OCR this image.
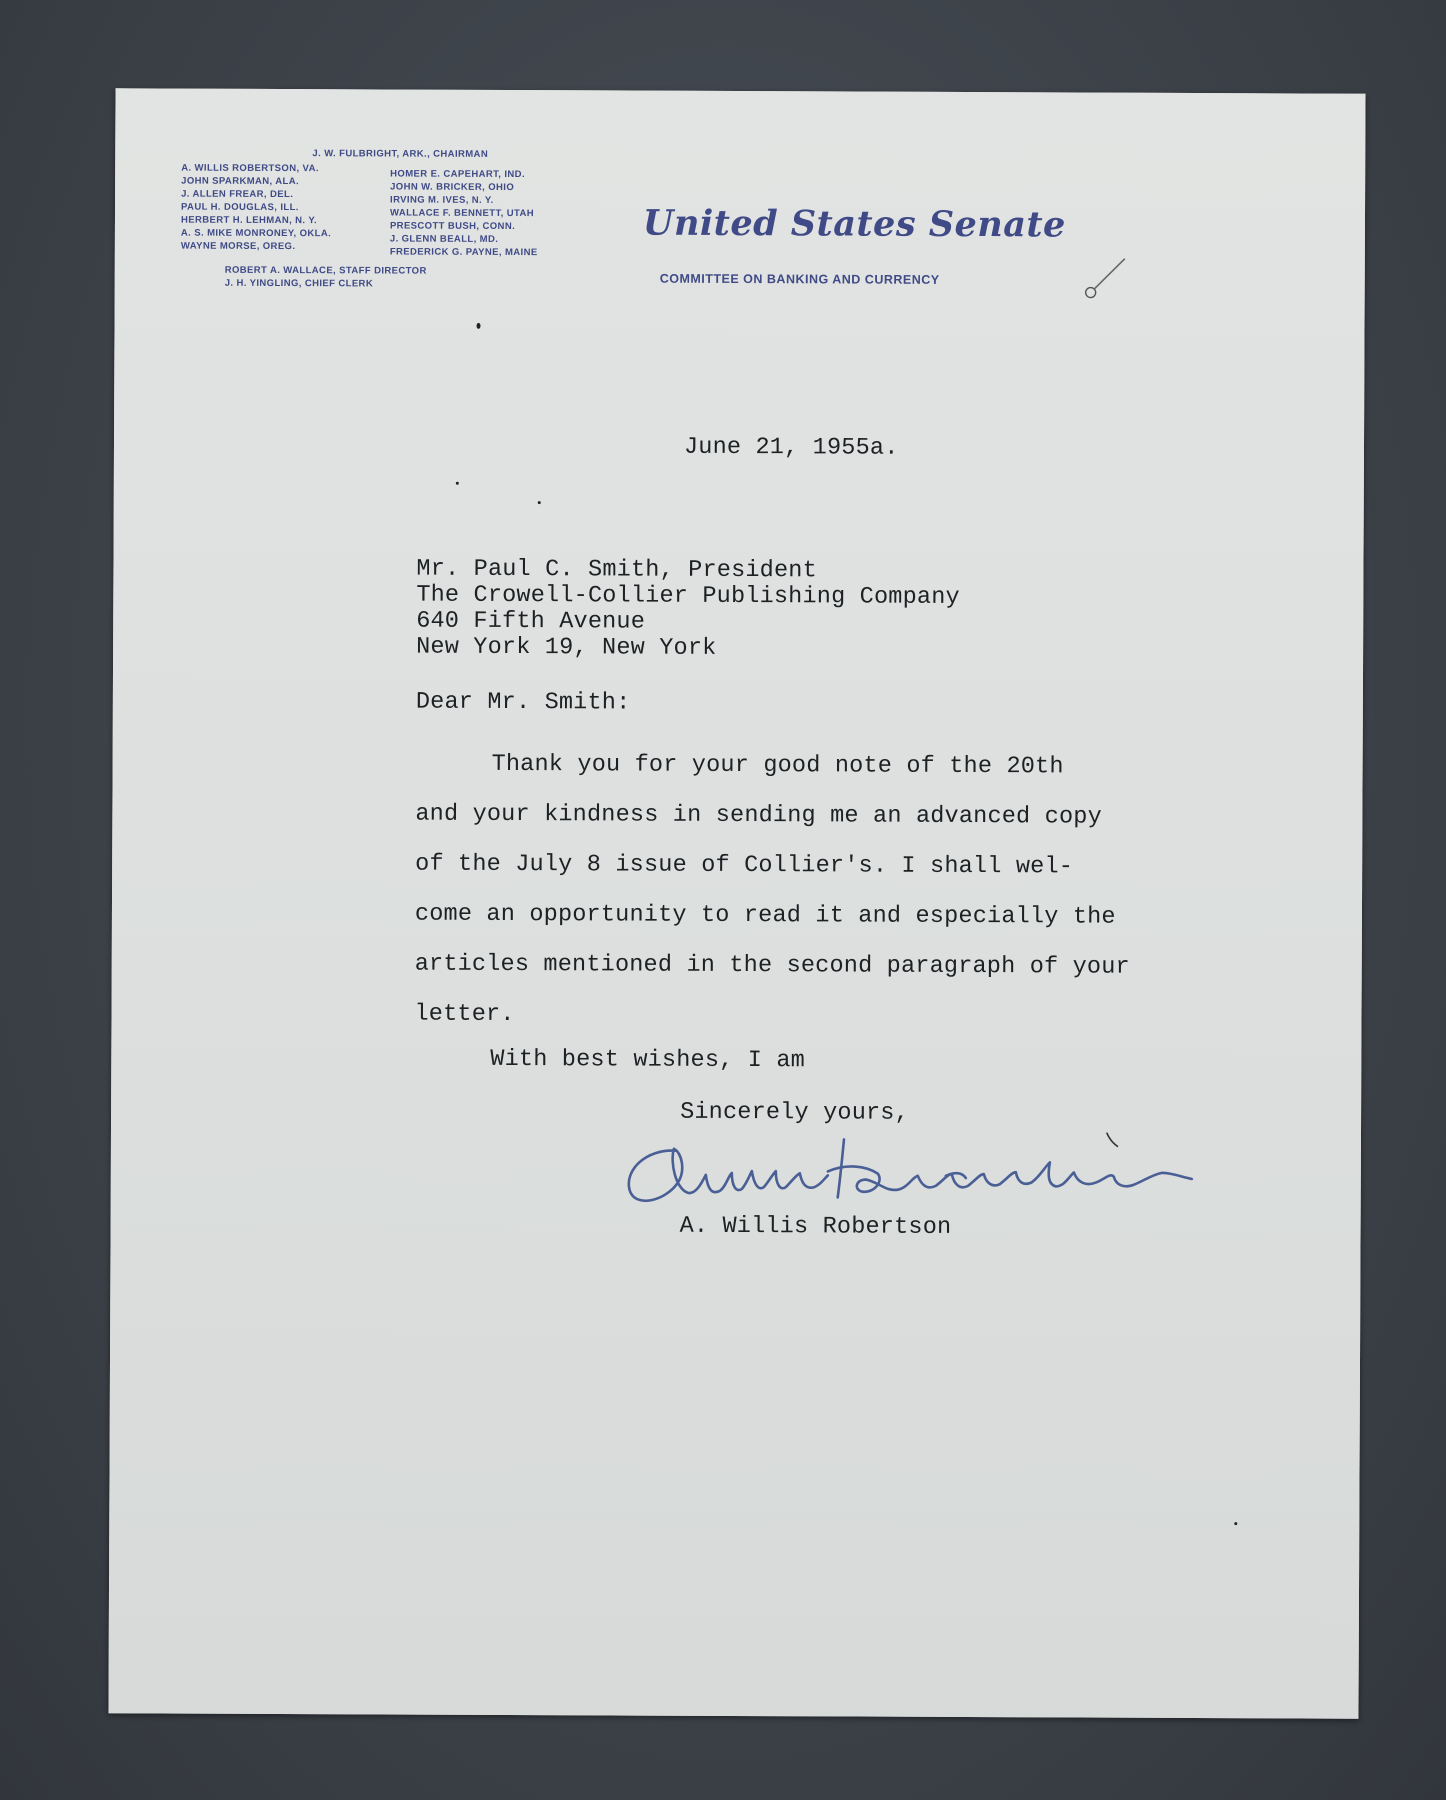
J. W. FULBRIGHT, ARK., CHAIRMAN
A. WILLIS ROBERTSON, VA.
JOHN SPARKMAN, ALA.
J. ALLEN FREAR, DEL.
PAUL H. DOUGLAS, ILL.
HERBERT H. LEHMAN, N. Y.
A. S. MIKE MONRONEY, OKLA.
WAYNE MORSE, OREG.
HOMER E. CAPEHART, IND.
JOHN W. BRICKER, OHIO
IRVING M. IVES, N. Y.
WALLACE F. BENNETT, UTAH
PRESCOTT BUSH, CONN.
J. GLENN BEALL, MD.
FREDERICK G. PAYNE, MAINE
ROBERT A. WALLACE, STAFF DIRECTOR
J. H. YINGLING, CHIEF CLERK
United States Senate
COMMITTEE ON BANKING AND CURRENCY
June 21, 1955a.
Mr. Paul C. Smith, President
The Crowell-Collier Publishing Company
640 Fifth Avenue
New York 19, New York
Dear Mr. Smith:
Thank you for your good note of the 20th
and your kindness in sending me an advanced copy
of the July 8 issue of Collier's. I shall wel-
come an opportunity to read it and especially the
articles mentioned in the second paragraph of your
letter.
With best wishes, I am
Sincerely yours,
A. Willis Robertson
